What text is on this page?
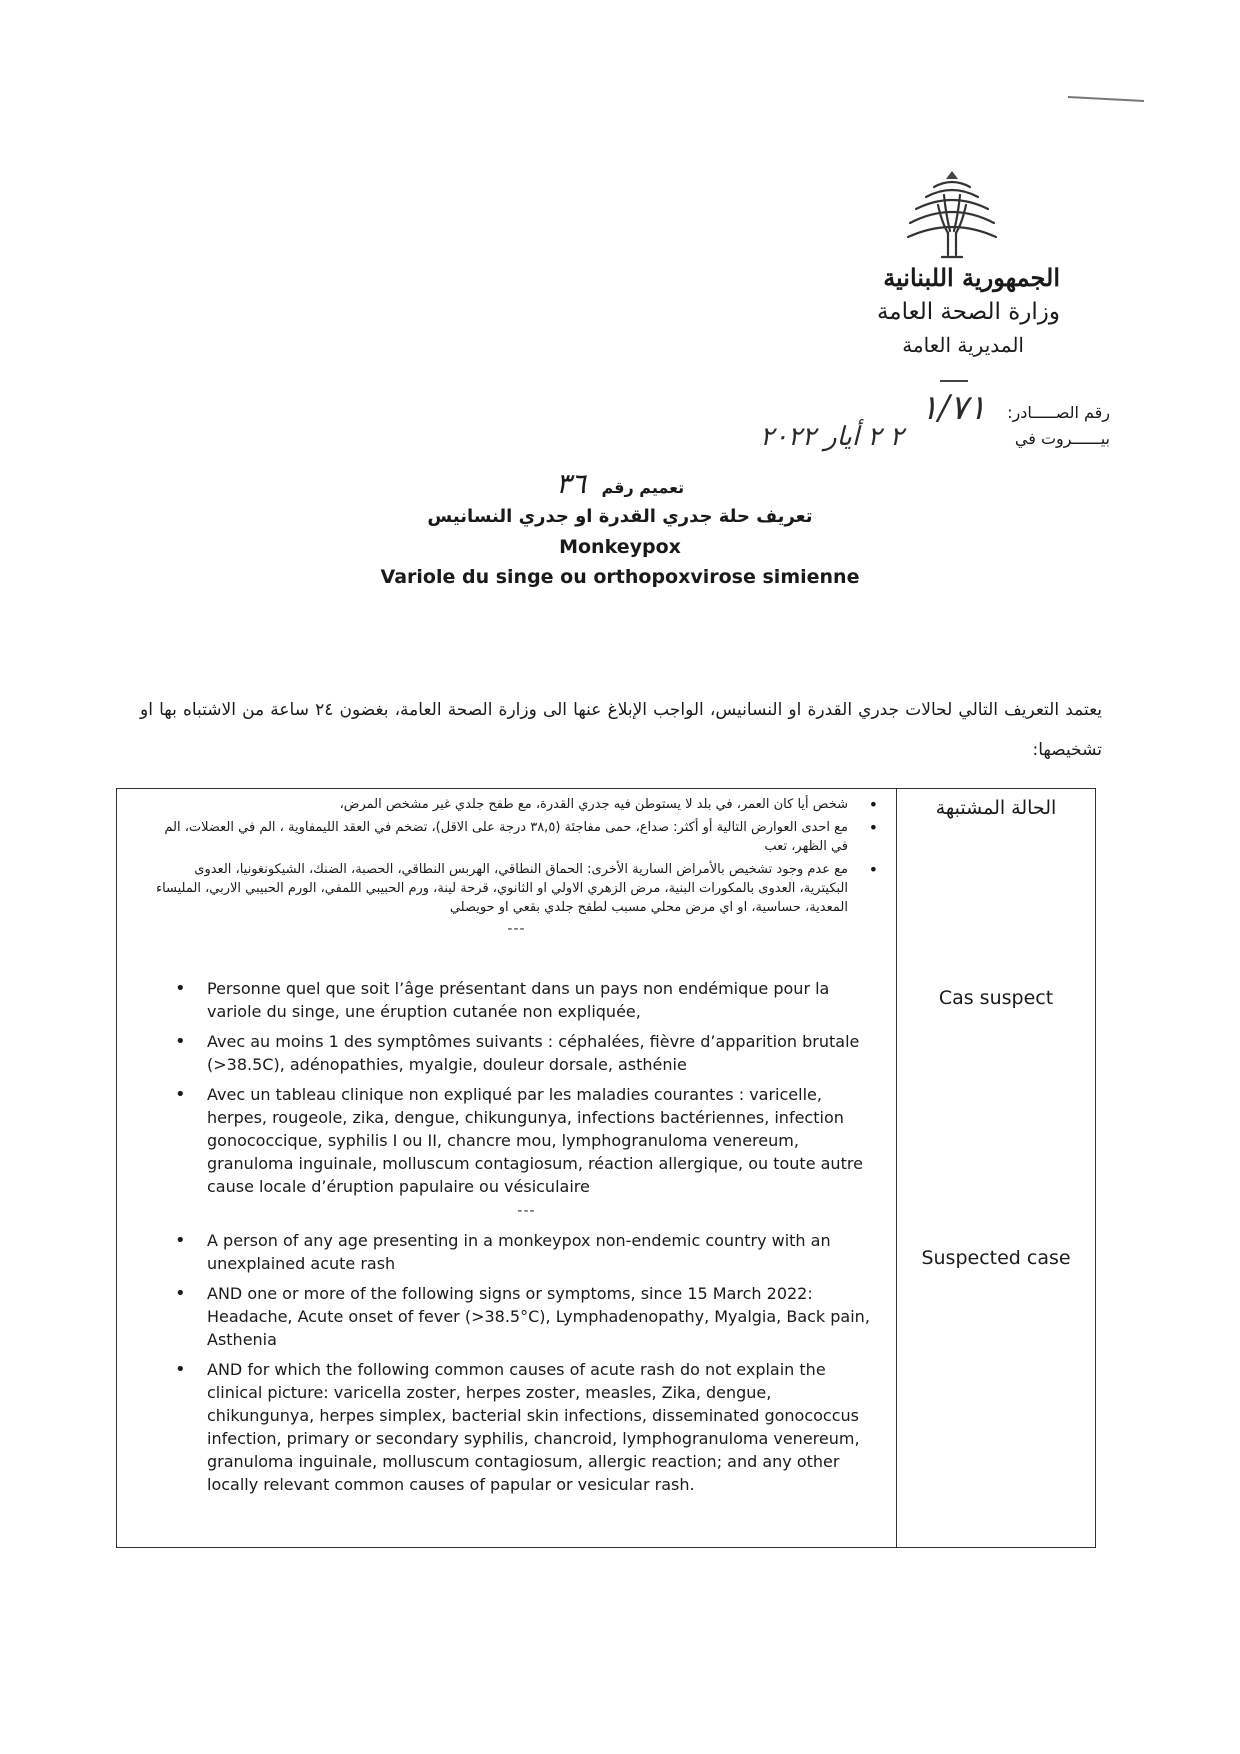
الجمهورية اللبنانية
وزارة الصحة العامة
المديرية العامة
١/٧١
٢ ٢ أيار ٢٠٢٢
رقم الصـــــادر:
بيــــــروت في
تعميم رقم ٣٦
تعريف حلة جدري القدرة او جدري النسانيس
Monkeypox
Variole du singe ou orthopoxvirose simienne
يعتمد التعريف التالي لحالات جدري القدرة او النسانيس، الواجب الإبلاغ عنها الى وزارة الصحة العامة، بغضون ٢٤ ساعة من الاشتباه بها او تشخيصها:
• شخص أيا كان العمر، في بلد لا يستوطن فيه جدري القدرة، مع طفح جلدي غير مشخص المرض،
• مع احدى العوارض التالية أو أكثر: صداع، حمى مفاجئة (٣٨,٥ درجة على الاقل)، تضخم في العقد الليمفاوية ، الم في العضلات، الم في الظهر، تعب
• مع عدم وجود تشخيص بالأمراض السارية الأخرى: الحماق النطاقي، الهربس النطاقي، الحصبة، الضنك، الشيكونغونيا، العدوى البكيترية، العدوى بالمكورات البنية، مرض الزهري الاولي او الثانوي، قرحة لينة، ورم الحبيبي اللمفي، الورم الحبيبي الاربي، المليساء المعدية، حساسية، او اي مرض محلي مسبب لطفح جلدي بقعي او حويصلي
---
• Personne quel que soit l’âge présentant dans un pays non endémique pour la variole du singe, une éruption cutanée non expliquée,
• Avec au moins 1 des symptômes suivants : céphalées, fièvre d’apparition brutale (>38.5C), adénopathies, myalgie, douleur dorsale, asthénie
• Avec un tableau clinique non expliqué par les maladies courantes : varicelle, herpes, rougeole, zika, dengue, chikungunya, infections bactériennes, infection gonococcique, syphilis I ou II, chancre mou, lymphogranuloma venereum, granuloma inguinale, molluscum contagiosum, réaction allergique, ou toute autre cause locale d’éruption papulaire ou vésiculaire
---
• A person of any age presenting in a monkeypox non-endemic country with an unexplained acute rash
• AND one or more of the following signs or symptoms, since 15 March 2022: Headache, Acute onset of fever (>38.5°C), Lymphadenopathy, Myalgia, Back pain, Asthenia
• AND for which the following common causes of acute rash do not explain the clinical picture: varicella zoster, herpes zoster, measles, Zika, dengue, chikungunya, herpes simplex, bacterial skin infections, disseminated gonococcus infection, primary or secondary syphilis, chancroid, lymphogranuloma venereum, granuloma inguinale, molluscum contagiosum, allergic reaction; and any other locally relevant common causes of papular or vesicular rash.
الحالة المشتبهة
Cas suspect
Suspected case
